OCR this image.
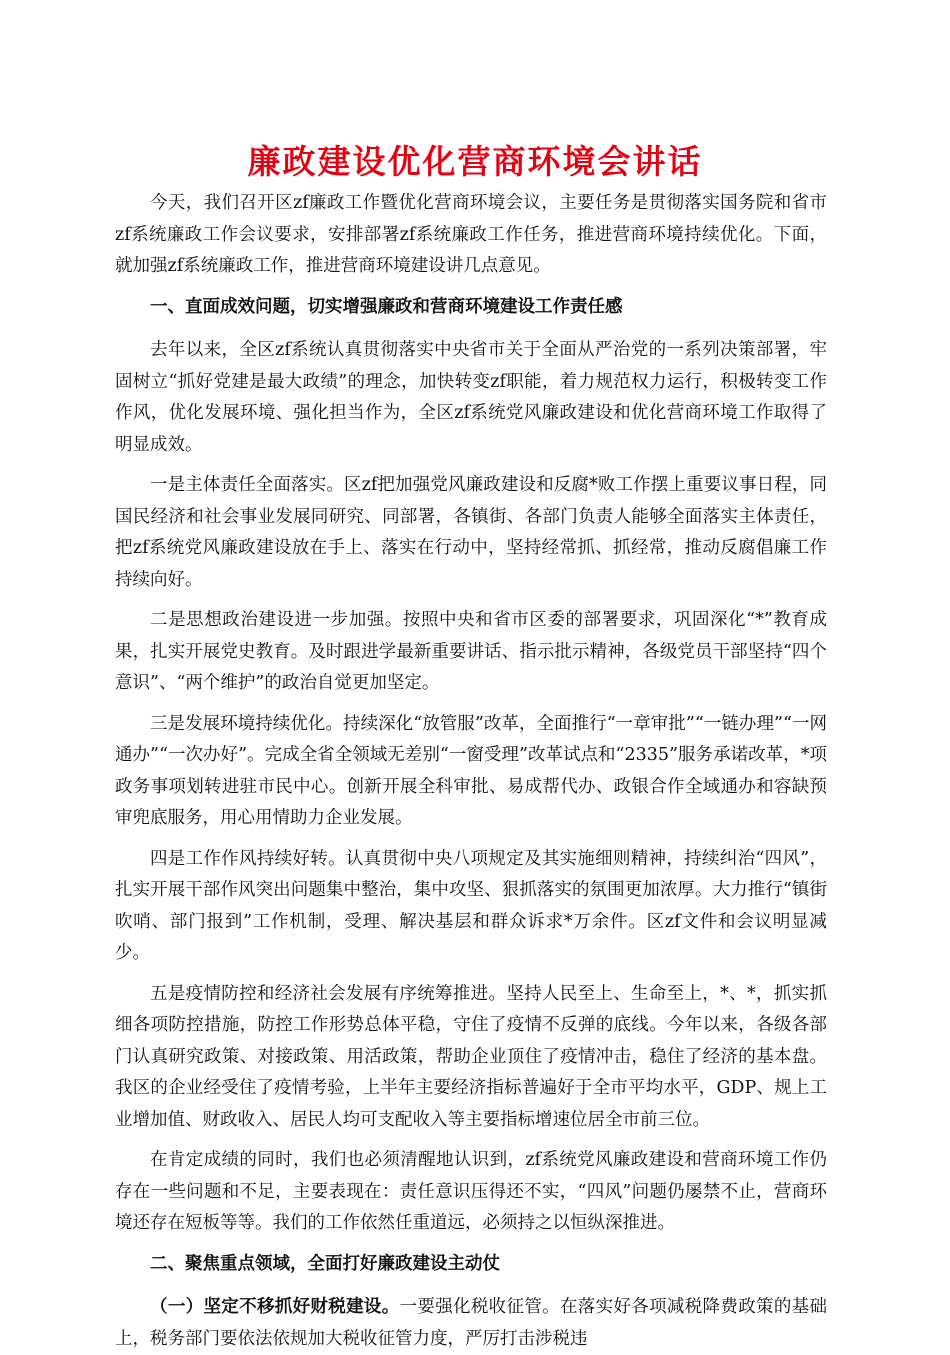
廉政建设优化营商环境会讲话

今天，我们召开区zf廉政工作暨优化营商环境会议，主要任务是贯彻落实国务院和省市zf系统廉政工作会议要求，安排部署zf系统廉政工作任务，推进营商环境持续优化。下面，就加强zf系统廉政工作，推进营商环境建设讲几点意见。

一、直面成效问题，切实增强廉政和营商环境建设工作责任感

去年以来，全区zf系统认真贯彻落实中央省市关于全面从严治党的一系列决策部署，牢固树立“抓好党建是最大政绩”的理念，加快转变zf职能，着力规范权力运行，积极转变工作作风，优化发展环境、强化担当作为，全区zf系统党风廉政建设和优化营商环境工作取得了明显成效。

一是主体责任全面落实。区zf把加强党风廉政建设和反腐*败工作摆上重要议事日程，同国民经济和社会事业发展同研究、同部署，各镇街、各部门负责人能够全面落实主体责任，把zf系统党风廉政建设放在手上、落实在行动中，坚持经常抓、抓经常，推动反腐倡廉工作持续向好。

二是思想政治建设进一步加强。按照中央和省市区委的部署要求，巩固深化“*”教育成果，扎实开展党史教育。及时跟进学最新重要讲话、指示批示精神，各级党员干部坚持“四个意识”、“两个维护”的政治自觉更加坚定。

三是发展环境持续优化。持续深化“放管服”改革，全面推行“一章审批”“一链办理”“一网通办”“一次办好”。完成全省全领域无差别“一窗受理”改革试点和“2335”服务承诺改革，*项政务事项划转进驻市民中心。创新开展全科审批、易成帮代办、政银合作全域通办和容缺预审兜底服务，用心用情助力企业发展。

四是工作作风持续好转。认真贯彻中央八项规定及其实施细则精神，持续纠治“四风”，扎实开展干部作风突出问题集中整治，集中攻坚、狠抓落实的氛围更加浓厚。大力推行“镇街吹哨、部门报到”工作机制，受理、解决基层和群众诉求*万余件。区zf文件和会议明显减少。

五是疫情防控和经济社会发展有序统筹推进。坚持人民至上、生命至上，*、*，抓实抓细各项防控措施，防控工作形势总体平稳，守住了疫情不反弹的底线。今年以来，各级各部门认真研究政策、对接政策、用活政策，帮助企业顶住了疫情冲击，稳住了经济的基本盘。我区的企业经受住了疫情考验，上半年主要经济指标普遍好于全市平均水平，GDP、规上工业增加值、财政收入、居民人均可支配收入等主要指标增速位居全市前三位。

在肯定成绩的同时，我们也必须清醒地认识到，zf系统党风廉政建设和营商环境工作仍存在一些问题和不足，主要表现在：责任意识压得还不实，“四风”问题仍屡禁不止，营商环境还存在短板等等。我们的工作依然任重道远，必须持之以恒纵深推进。

二、聚焦重点领域，全面打好廉政建设主动仗

（一）坚定不移抓好财税建设。一要强化税收征管。在落实好各项减税降费政策的基础上，税务部门要依法依规加大税收征管力度，严厉打击涉税违
